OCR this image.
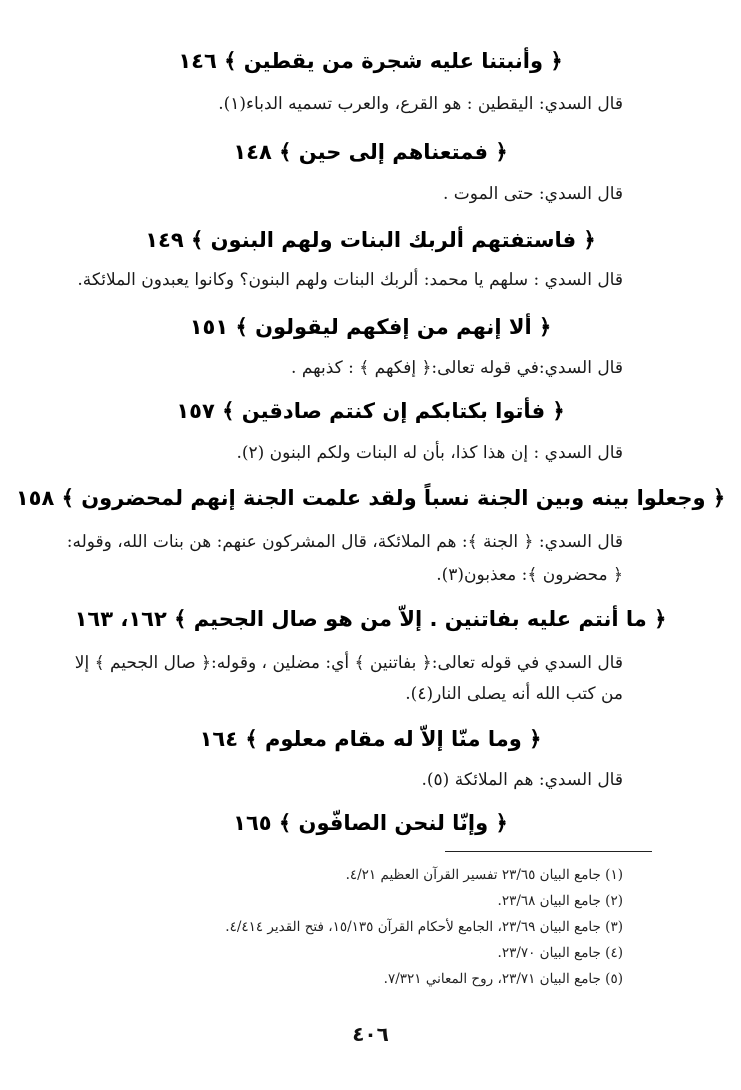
﴿ وأنبتنا عليه شجرة من يقطين ﴾ ١٤٦
قال السدي: اليقطين : هو القرع، والعرب تسميه الدباء(١).
﴿ فمتعناهم إلى حين ﴾ ١٤٨
قال السدي: حتى الموت .
﴿ فاستفتهم ألربك البنات ولهم البنون ﴾ ١٤٩
قال السدي : سلهم يا محمد: ألربك البنات ولهم البنون؟ وكانوا يعبدون الملائكة.
﴿ ألا إنهم من إفكهم ليقولون ﴾ ١٥١
قال السدي:في قوله تعالى:﴿ إفكهم ﴾ : كذبهم .
﴿ فأتوا بكتابكم إن كنتم صادقين ﴾ ١٥٧
قال السدي : إن هذا كذا، بأن له البنات ولكم البنون (٢).
﴿ وجعلوا بينه وبين الجنة نسباً ولقد علمت الجنة إنهم لمحضرون ﴾ ١٥٨
قال السدي: ﴿ الجنة ﴾: هم الملائكة، قال المشركون عنهم: هن بنات الله، وقوله:
﴿ محضرون ﴾: معذبون(٣).
﴿ ما أنتم عليه بفاتنين . إلاّ من هو صال الجحيم ﴾ ١٦٢، ١٦٣
قال السدي في قوله تعالى:﴿ بفاتنين ﴾ أي: مضلين ، وقوله:﴿ صال الجحيم ﴾ إلا
من كتب الله أنه يصلى النار(٤).
﴿ وما منّا إلاّ له مقام معلوم ﴾ ١٦٤
قال السدي: هم الملائكة (٥).
﴿ وإنّا لنحن الصافّون ﴾ ١٦٥
(١) جامع البيان ٢٣/٦٥ تفسير القرآن العظيم ٤/٢١.
(٢) جامع البيان ٢٣/٦٨.
(٣) جامع البيان ٢٣/٦٩، الجامع لأحكام القرآن ١٥/١٣٥، فتح القدير ٤/٤١٤.
(٤) جامع البيان ٢٣/٧٠.
(٥) جامع البيان ٢٣/٧١، روح المعاني ٧/٣٢١.
٤٠٦
